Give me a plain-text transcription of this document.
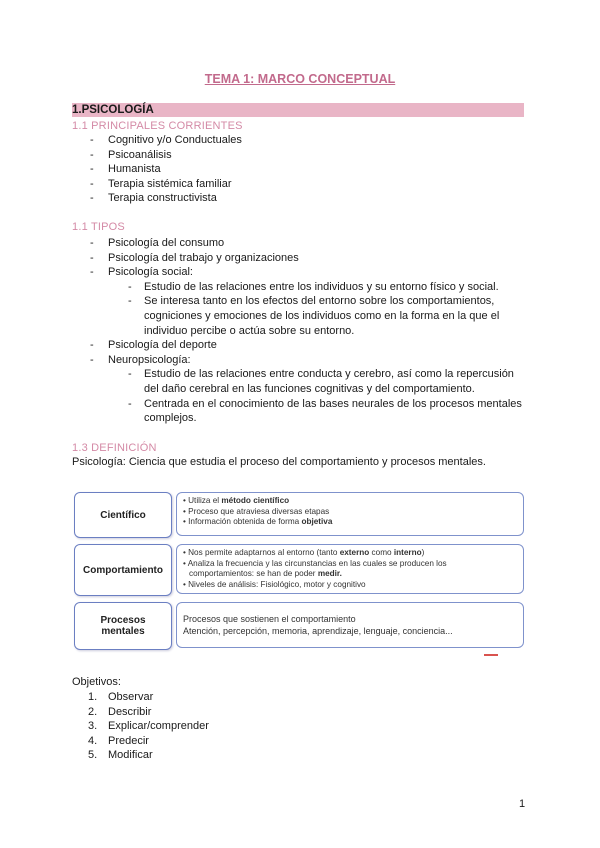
TEMA 1: MARCO CONCEPTUAL
1.PSICOLOGÍA
1.1 PRINCIPALES CORRIENTES
- Cognitivo y/o Conductuales
- Psicoanálisis
- Humanista
- Terapia sistémica familiar
- Terapia constructivista
1.1 TIPOS
- Psicología del consumo
- Psicología del trabajo y organizaciones
- Psicología social:
- Estudio de las relaciones entre los individuos y su entorno físico y social.
- Se interesa tanto en los efectos del entorno sobre los comportamientos,
cogniciones y emociones de los individuos como en la forma en la que el
individuo percibe o actúa sobre su entorno.
- Psicología del deporte
- Neuropsicología:
- Estudio de las relaciones entre conducta y cerebro, así como la repercusión
del daño cerebral en las funciones cognitivas y del comportamiento.
- Centrada en el conocimiento de las bases neurales de los procesos mentales
complejos.
1.3 DEFINICIÓN
Psicología: Ciencia que estudia el proceso del comportamiento y procesos mentales.
Científico
• Utiliza el método científico
• Proceso que atraviesa diversas etapas
• Información obtenida de forma objetiva
Comportamiento
• Nos permite adaptarnos al entorno (tanto externo como interno)
• Analiza la frecuencia y las circunstancias en las cuales se producen los
comportamientos: se han de poder medir.
• Niveles de análisis: Fisiológico, motor y cognitivo
Procesos
mentales
Procesos que sostienen el comportamiento
Atención, percepción, memoria, aprendizaje, lenguaje, conciencia...
Objetivos:
1. Observar
2. Describir
3. Explicar/comprender
4. Predecir
5. Modificar
1
